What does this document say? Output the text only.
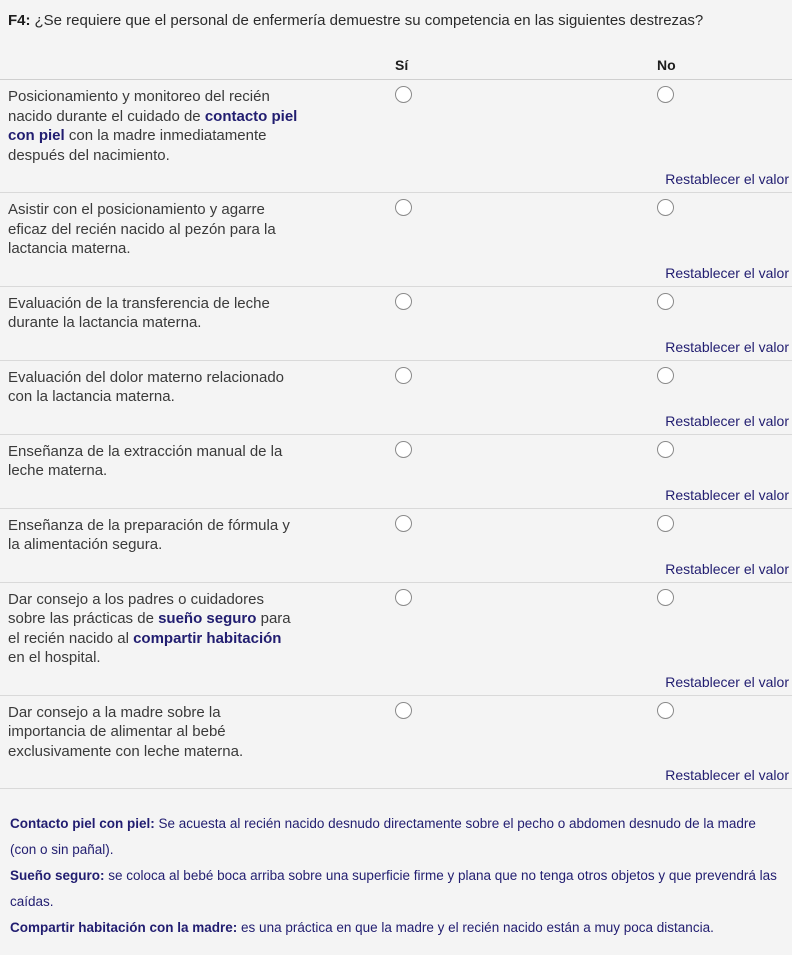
F4: ¿Se requiere que el personal de enfermería demuestre su competencia en las siguientes destrezas?

Sí	No
Posicionamiento y monitoreo del recién nacido durante el cuidado de contacto piel con piel con la madre inmediatamente después del nacimiento.
Restablecer el valor
Asistir con el posicionamiento y agarre eficaz del recién nacido al pezón para la lactancia materna.
Restablecer el valor
Evaluación de la transferencia de leche durante la lactancia materna.
Restablecer el valor
Evaluación del dolor materno relacionado con la lactancia materna.
Restablecer el valor
Enseñanza de la extracción manual de la leche materna.
Restablecer el valor
Enseñanza de la preparación de fórmula y la alimentación segura.
Restablecer el valor
Dar consejo a los padres o cuidadores sobre las prácticas de sueño seguro para el recién nacido al compartir habitación en el hospital.
Restablecer el valor
Dar consejo a la madre sobre la importancia de alimentar al bebé exclusivamente con leche materna.
Restablecer el valor

Contacto piel con piel: Se acuesta al recién nacido desnudo directamente sobre el pecho o abdomen desnudo de la madre (con o sin pañal).

Sueño seguro: se coloca al bebé boca arriba sobre una superficie firme y plana que no tenga otros objetos y que prevendrá las caídas.

Compartir habitación con la madre: es una práctica en que la madre y el recién nacido están a muy poca distancia.
